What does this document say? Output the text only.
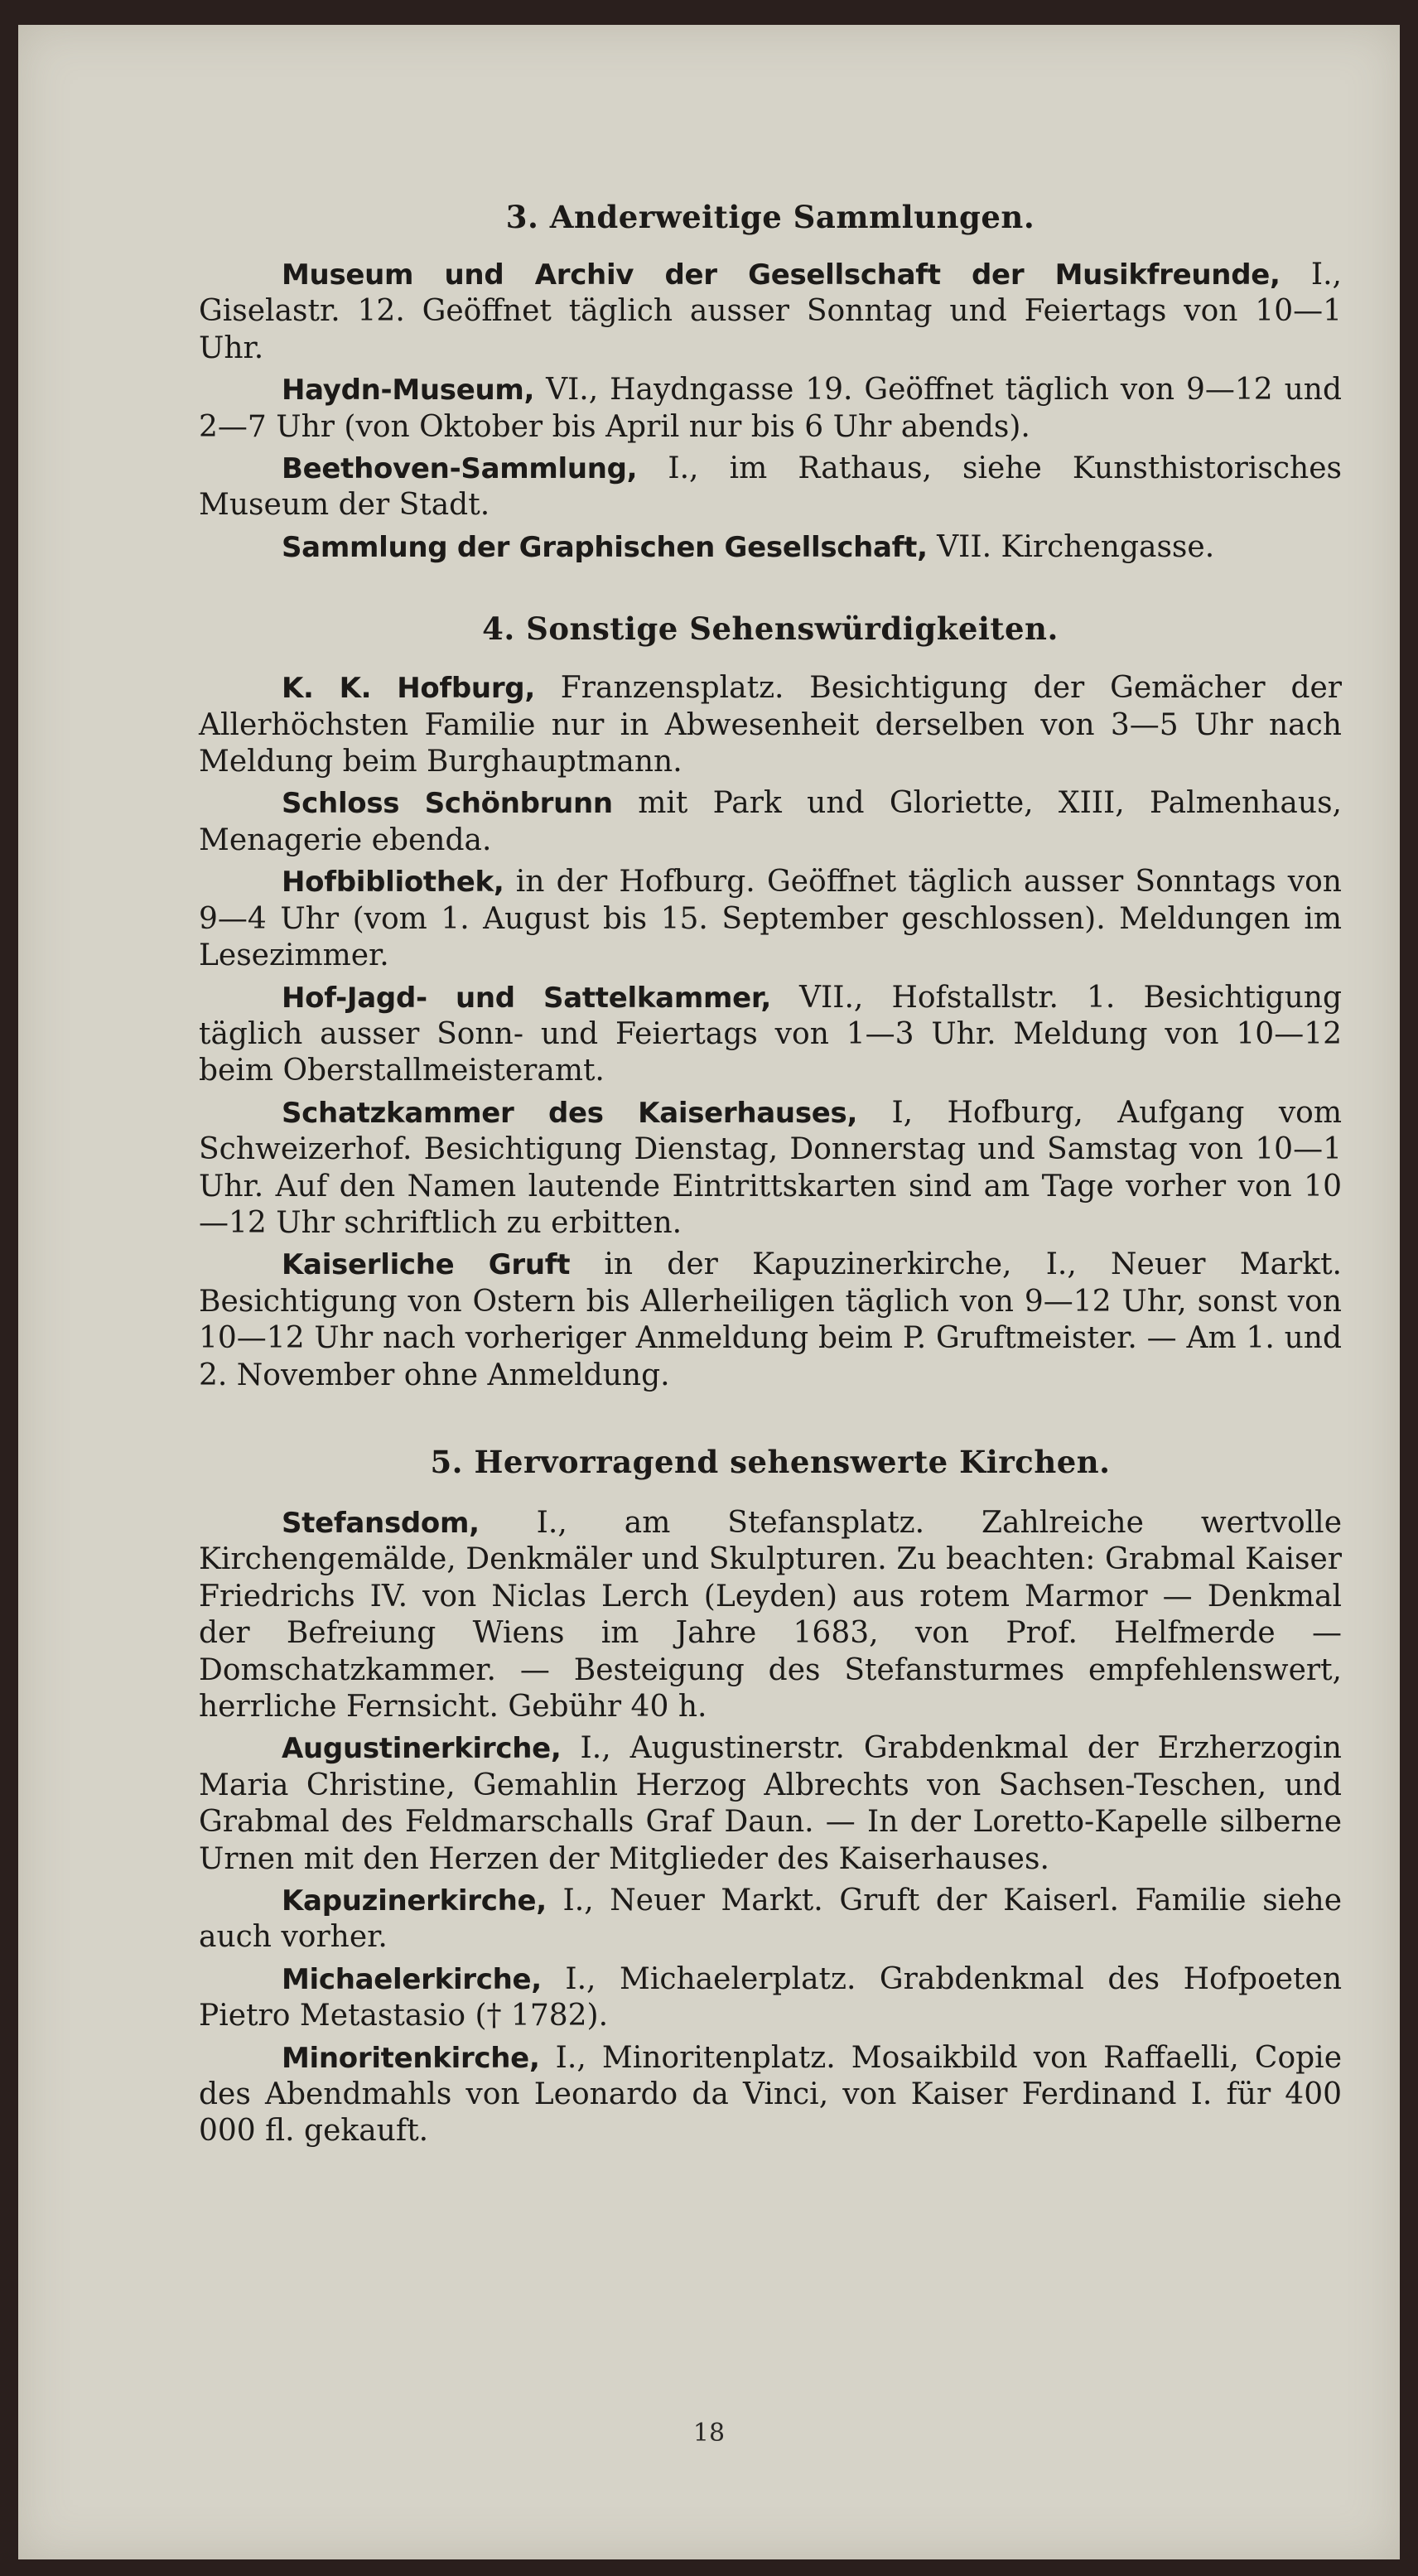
3. Anderweitige Sammlungen.

Museum und Archiv der Gesellschaft der Musikfreunde, I., Giselastr. 12. Geöffnet täglich ausser Sonntag und Feiertags von 10—1 Uhr.

Haydn-Museum, VI., Haydngasse 19. Geöffnet täglich von 9—12 und 2—7 Uhr (von Oktober bis April nur bis 6 Uhr abends).

Beethoven-Sammlung, I., im Rathaus, siehe Kunsthistorisches Museum der Stadt.

Sammlung der Graphischen Gesellschaft, VII. Kirchengasse.

4. Sonstige Sehenswürdigkeiten.

K. K. Hofburg, Franzensplatz. Besichtigung der Gemächer der Allerhöchsten Familie nur in Abwesenheit derselben von 3—5 Uhr nach Meldung beim Burghauptmann.

Schloss Schönbrunn mit Park und Gloriette, XIII, Palmenhaus, Menagerie ebenda.

Hofbibliothek, in der Hofburg. Geöffnet täglich ausser Sonntags von 9—4 Uhr (vom 1. August bis 15. September geschlossen). Meldungen im Lesezimmer.

Hof-Jagd- und Sattelkammer, VII., Hofstallstr. 1. Besichtigung täglich ausser Sonn- und Feiertags von 1—3 Uhr. Meldung von 10—12 beim Oberstallmeisteramt.

Schatzkammer des Kaiserhauses, I, Hofburg, Aufgang vom Schweizerhof. Besichtigung Dienstag, Donnerstag und Samstag von 10—1 Uhr. Auf den Namen lautende Eintrittskarten sind am Tage vorher von 10—12 Uhr schriftlich zu erbitten.

Kaiserliche Gruft in der Kapuzinerkirche, I., Neuer Markt. Besichtigung von Ostern bis Allerheiligen täglich von 9—12 Uhr, sonst von 10—12 Uhr nach vorheriger Anmeldung beim P. Gruftmeister. — Am 1. und 2. November ohne Anmeldung.

5. Hervorragend sehenswerte Kirchen.

Stefansdom, I., am Stefansplatz. Zahlreiche wertvolle Kirchengemälde, Denkmäler und Skulpturen. Zu beachten: Grabmal Kaiser Friedrichs IV. von Niclas Lerch (Leyden) aus rotem Marmor — Denkmal der Befreiung Wiens im Jahre 1683, von Prof. Helfmerde — Domschatzkammer. — Besteigung des Stefansturmes empfehlenswert, herrliche Fernsicht. Gebühr 40 h.

Augustinerkirche, I., Augustinerstr. Grabdenkmal der Erzherzogin Maria Christine, Gemahlin Herzog Albrechts von Sachsen-Teschen, und Grabmal des Feldmarschalls Graf Daun. — In der Loretto-Kapelle silberne Urnen mit den Herzen der Mitglieder des Kaiserhauses.

Kapuzinerkirche, I., Neuer Markt. Gruft der Kaiserl. Familie siehe auch vorher.

Michaelerkirche, I., Michaelerplatz. Grabdenkmal des Hofpoeten Pietro Metastasio († 1782).

Minoritenkirche, I., Minoritenplatz. Mosaikbild von Raffaelli, Copie des Abendmahls von Leonardo da Vinci, von Kaiser Ferdinand I. für 400 000 fl. gekauft.

18
